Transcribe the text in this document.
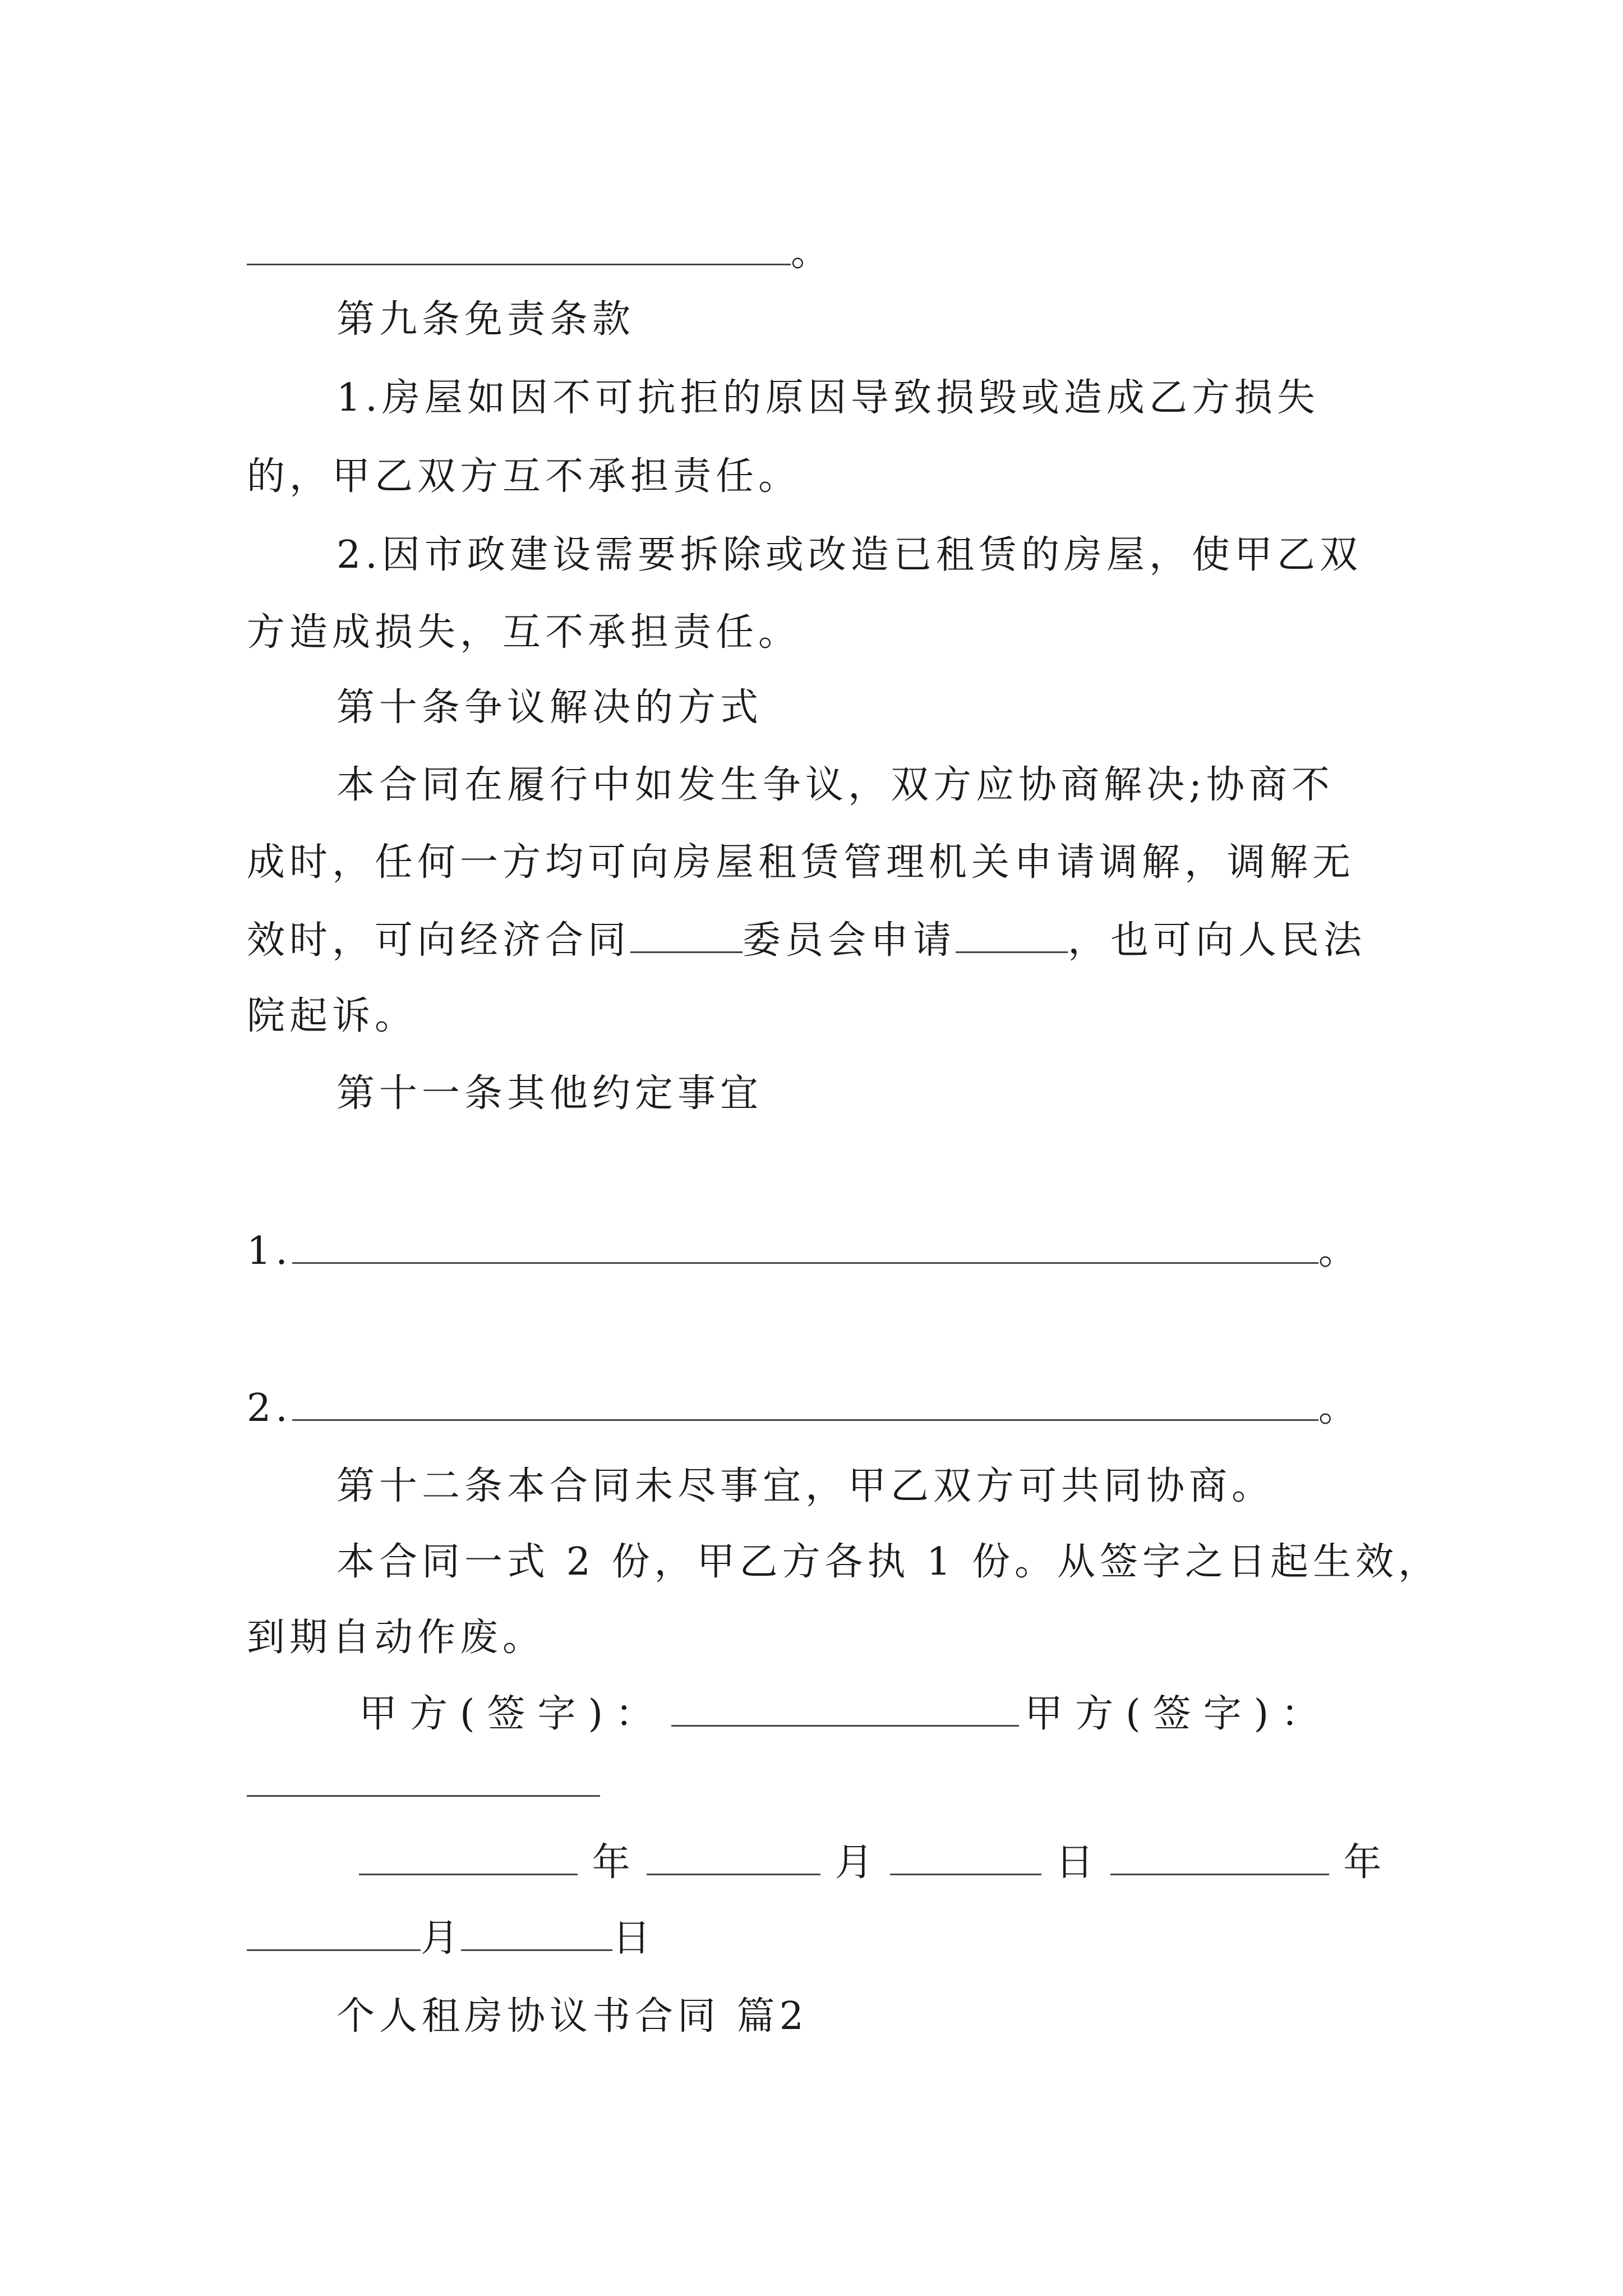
。
第九条免责条款
1.房屋如因不可抗拒的原因导致损毁或造成乙方损失
的，甲乙双方互不承担责任。
2.因市政建设需要拆除或改造已租赁的房屋，使甲乙双
方造成损失，互不承担责任。
第十条争议解决的方式
本合同在履行中如发生争议，双方应协商解决;协商不
成时，任何一方均可向房屋租赁管理机关申请调解，调解无
效时，可向经济合同	委员会申请	，也可向人民法
院起诉。
第十一条其他约定事宜
1.	。
2.	。
第十二条本合同未尽事宜，甲乙双方可共同协商。
本合同一式 2 份，甲乙方各执 1 份。从签字之日起生效，
到期自动作废。
甲方(签字)：	甲方(签字)：
年	月	日	年
月	日
个人租房协议书合同 篇2
